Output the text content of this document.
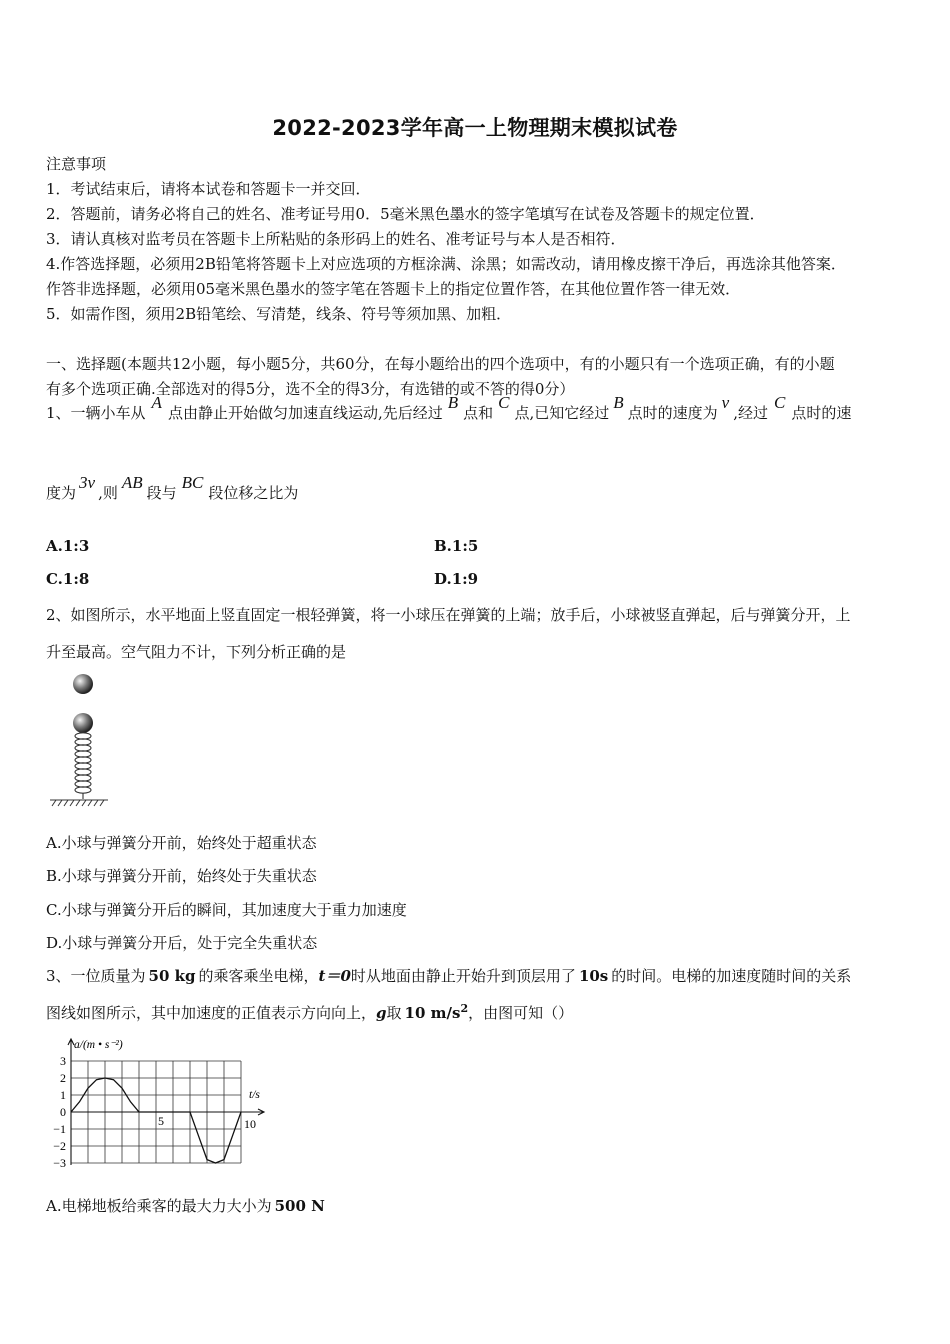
2022-2023学年高一上物理期末模拟试卷
注意事项
1．考试结束后，请将本试卷和答题卡一并交回．
2．答题前，请务必将自己的姓名、准考证号用0．5毫米黑色墨水的签字笔填写在试卷及答题卡的规定位置．
3．请认真核对监考员在答题卡上所粘贴的条形码上的姓名、准考证号与本人是否相符．
4.作答选择题，必须用2B铅笔将答题卡上对应选项的方框涂满、涂黑；如需改动，请用橡皮擦干净后，再选涂其他答案．
作答非选择题，必须用05毫米黑色墨水的签字笔在答题卡上的指定位置作答，在其他位置作答一律无效．
5．如需作图，须用2B铅笔绘、写清楚，线条、符号等须加黑、加粗．
一、选择题(本题共12小题，每小题5分，共60分，在每小题给出的四个选项中，有的小题只有一个选项正确，有的小题
有多个选项正确.全部选对的得5分，选不全的得3分，有选错的或不答的得0分）
1、一辆小车从A点由静止开始做匀加速直线运动,先后经过B点和C点,已知它经过B点时的速度为v,经过C点时的速
度为3v,则AB段与BC段位移之比为
A.1:3	B.1:5
C.1:8	D.1:9
2、如图所示，水平地面上竖直固定一根轻弹簧，将一小球压在弹簧的上端；放手后，小球被竖直弹起，后与弹簧分开，上
升至最高。空气阻力不计，下列分析正确的是
A.小球与弹簧分开前，始终处于超重状态
B.小球与弹簧分开前，始终处于失重状态
C.小球与弹簧分开后的瞬间，其加速度大于重力加速度
D.小球与弹簧分开后，处于完全失重状态
3、一位质量为 50 kg 的乘客乘坐电梯，t＝0时从地面由静止开始升到顶层用了 10s 的时间。电梯的加速度随时间的关系
图线如图所示，其中加速度的正值表示方向向上，g取 10 $m/s^2$，由图可知（）
3
2
1
0
−1
−2
−3
5	10
a/(m • s⁻²)
t/s
A.电梯地板给乘客的最大力大小为 500 N
